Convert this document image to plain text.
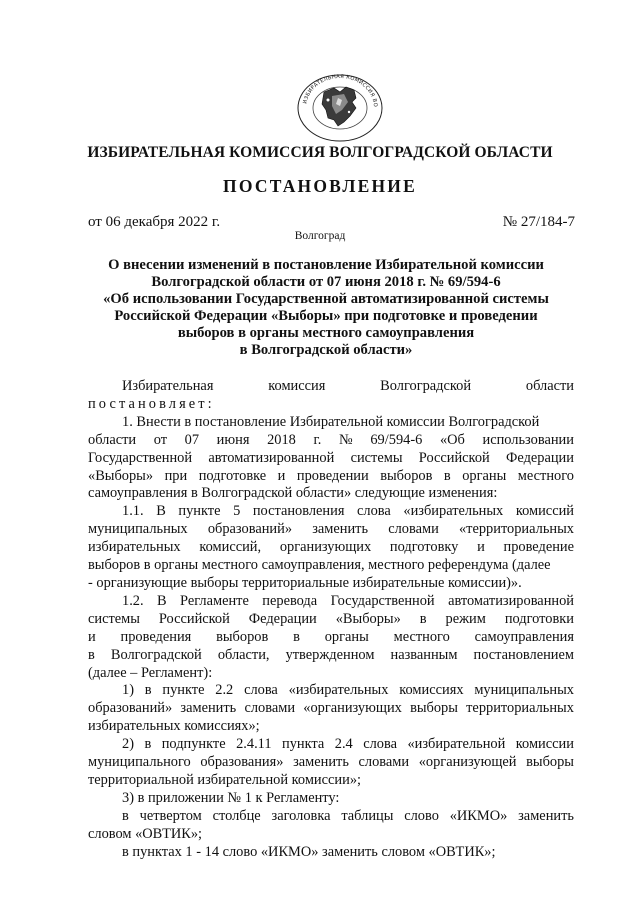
ИЗБИРАТЕЛЬНАЯ КОМИССИЯ ВО
ИЗБИРАТЕЛЬНАЯ КОМИССИЯ ВОЛГОГРАДСКОЙ ОБЛАСТИ
ПОСТАНОВЛЕНИЕ
от 06 декабря 2022 г.	№ 27/184-7
Волгоград
О внесении изменений в постановление Избирательной комиссии
Волгоградской области от 07 июня 2018 г. № 69/594-6
«Об использовании Государственной автоматизированной системы
Российской Федерации «Выборы» при подготовке и проведении
выборов в органы местного самоуправления
в Волгоградской области»
Избирательная	комиссия	Волгоградской	области
постановляет:
1. Внести в постановление Избирательной комиссии Волгоградской
области от 07 июня 2018 г. № 69/594-6 «Об использовании
Государственной автоматизированной системы Российской Федерации
«Выборы» при подготовке и проведении выборов в органы местного
самоуправления в Волгоградской области» следующие изменения:
1.1. В пункте 5 постановления слова «избирательных комиссий
муниципальных образований» заменить словами «территориальных
избирательных комиссий, организующих подготовку и проведение
выборов в органы местного самоуправления, местного референдума (далее
- организующие выборы территориальные избирательные комиссии)».
1.2. В Регламенте перевода Государственной автоматизированной
системы Российской Федерации «Выборы» в режим подготовки
и проведения выборов в органы местного самоуправления
в Волгоградской области, утвержденном названным постановлением
(далее – Регламент):
1) в пункте 2.2 слова «избирательных комиссиях муниципальных
образований» заменить словами «организующих выборы территориальных
избирательных комиссиях»;
2) в подпункте 2.4.11 пункта 2.4 слова «избирательной комиссии
муниципального образования» заменить словами «организующей выборы
территориальной избирательной комиссии»;
3) в приложении № 1 к Регламенту:
в четвертом столбце заголовка таблицы слово «ИКМО» заменить
словом «ОВТИК»;
в пунктах 1 - 14 слово «ИКМО» заменить словом «ОВТИК»;
